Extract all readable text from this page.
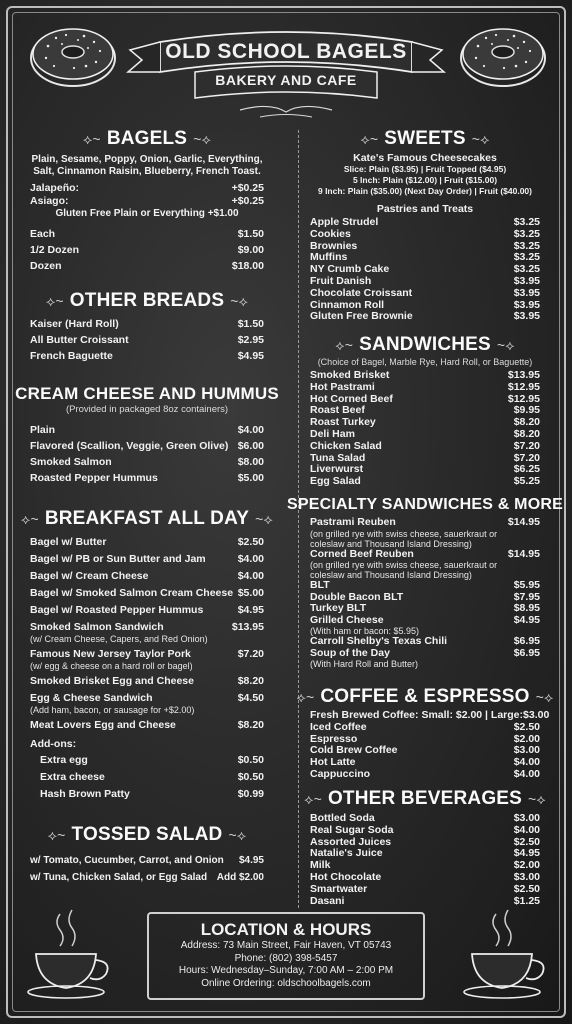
OLD SCHOOL BAGELS
BAKERY AND CAFE
⟡~ BAGELS ~⟡
Plain, Sesame, Poppy, Onion, Garlic, Everything, Salt, Cinnamon Raisin, Blueberry, French Toast.
Jalapeño:	+$0.25
Asiago:	+$0.25
Gluten Free Plain or Everything +$1.00
Each	$1.50
1/2 Dozen	$9.00
Dozen	$18.00
⟡~ OTHER BREADS ~⟡
Kaiser (Hard Roll)	$1.50
All Butter Croissant	$2.95
French Baguette	$4.95
CREAM CHEESE AND HUMMUS
(Provided in packaged 8oz containers)
Plain	$4.00
Flavored (Scallion, Veggie, Green Olive) $6.00
Smoked Salmon	$8.00
Roasted Pepper Hummus	$5.00
⟡~ BREAKFAST ALL DAY ~⟡
Bagel w/ Butter	$2.50
Bagel w/ PB or Sun Butter and Jam	$4.00
Bagel w/ Cream Cheese	$4.00
Bagel w/ Smoked Salmon Cream Cheese $5.00
Bagel w/ Roasted Pepper Hummus	$4.95
Smoked Salmon Sandwich	$13.95
(w/ Cream Cheese, Capers, and Red Onion)
Famous New Jersey Taylor Pork	$7.20
(w/ egg & cheese on a hard roll or bagel)
Smoked Brisket Egg and Cheese	$8.20
Egg & Cheese Sandwich	$4.50
(Add ham, bacon, or sausage for +$2.00)
Meat Lovers Egg and Cheese	$8.20
Add-ons:
Extra egg	$0.50
Extra cheese	$0.50
Hash Brown Patty	$0.99
⟡~ TOSSED SALAD ~⟡
w/ Tomato, Cucumber, Carrot, and Onion $4.95
w/ Tuna, Chicken Salad, or Egg Salad Add $2.00
⟡~ SWEETS ~⟡
Kate's Famous Cheesecakes
Slice: Plain ($3.95) | Fruit Topped ($4.95)
5 Inch: Plain ($12.00) | Fruit ($15.00)
9 Inch: Plain ($35.00) (Next Day Order) | Fruit ($40.00)
Pastries and Treats
Apple Strudel	$3.25
Cookies	$3.25
Brownies	$3.25
Muffins	$3.25
NY Crumb Cake	$3.25
Fruit Danish	$3.95
Chocolate Croissant	$3.95
Cinnamon Roll	$3.95
Gluten Free Brownie	$3.95
⟡~ SANDWICHES ~⟡
(Choice of Bagel, Marble Rye, Hard Roll, or Baguette)
Smoked Brisket	$13.95
Hot Pastrami	$12.95
Hot Corned Beef	$12.95
Roast Beef	$9.95
Roast Turkey	$8.20
Deli Ham	$8.20
Chicken Salad	$7.20
Tuna Salad	$7.20
Liverwurst	$6.25
Egg Salad	$5.25
SPECIALTY SANDWICHES & MORE
Pastrami Reuben	$14.95
(on grilled rye with swiss cheese, sauerkraut or coleslaw and Thousand Island Dressing)
Corned Beef Reuben	$14.95
(on grilled rye with swiss cheese, sauerkraut or coleslaw and Thousand Island Dressing)
BLT	$5.95
Double Bacon BLT	$7.95
Turkey BLT	$8.95
Grilled Cheese	$4.95
(With ham or bacon: $5.95)
Carroll Shelby's Texas Chili	$6.95
Soup of the Day	$6.95
(With Hard Roll and Butter)
⟡~ COFFEE & ESPRESSO ~⟡
Fresh Brewed Coffee: Small: $2.00 | Large: $3.00
Iced Coffee	$2.50
Espresso	$2.00
Cold Brew Coffee	$3.00
Hot Latte	$4.00
Cappuccino	$4.00
⟡~ OTHER BEVERAGES ~⟡
Bottled Soda	$3.00
Real Sugar Soda	$4.00
Assorted Juices	$2.50
Natalie's Juice	$4.95
Milk	$2.00
Hot Chocolate	$3.00
Smartwater	$2.50
Dasani	$1.25
LOCATION & HOURS
Address: 73 Main Street, Fair Haven, VT 05743
Phone: (802) 398-5457
Hours: Wednesday–Sunday, 7:00 AM – 2:00 PM
Online Ordering: oldschoolbagels.com
